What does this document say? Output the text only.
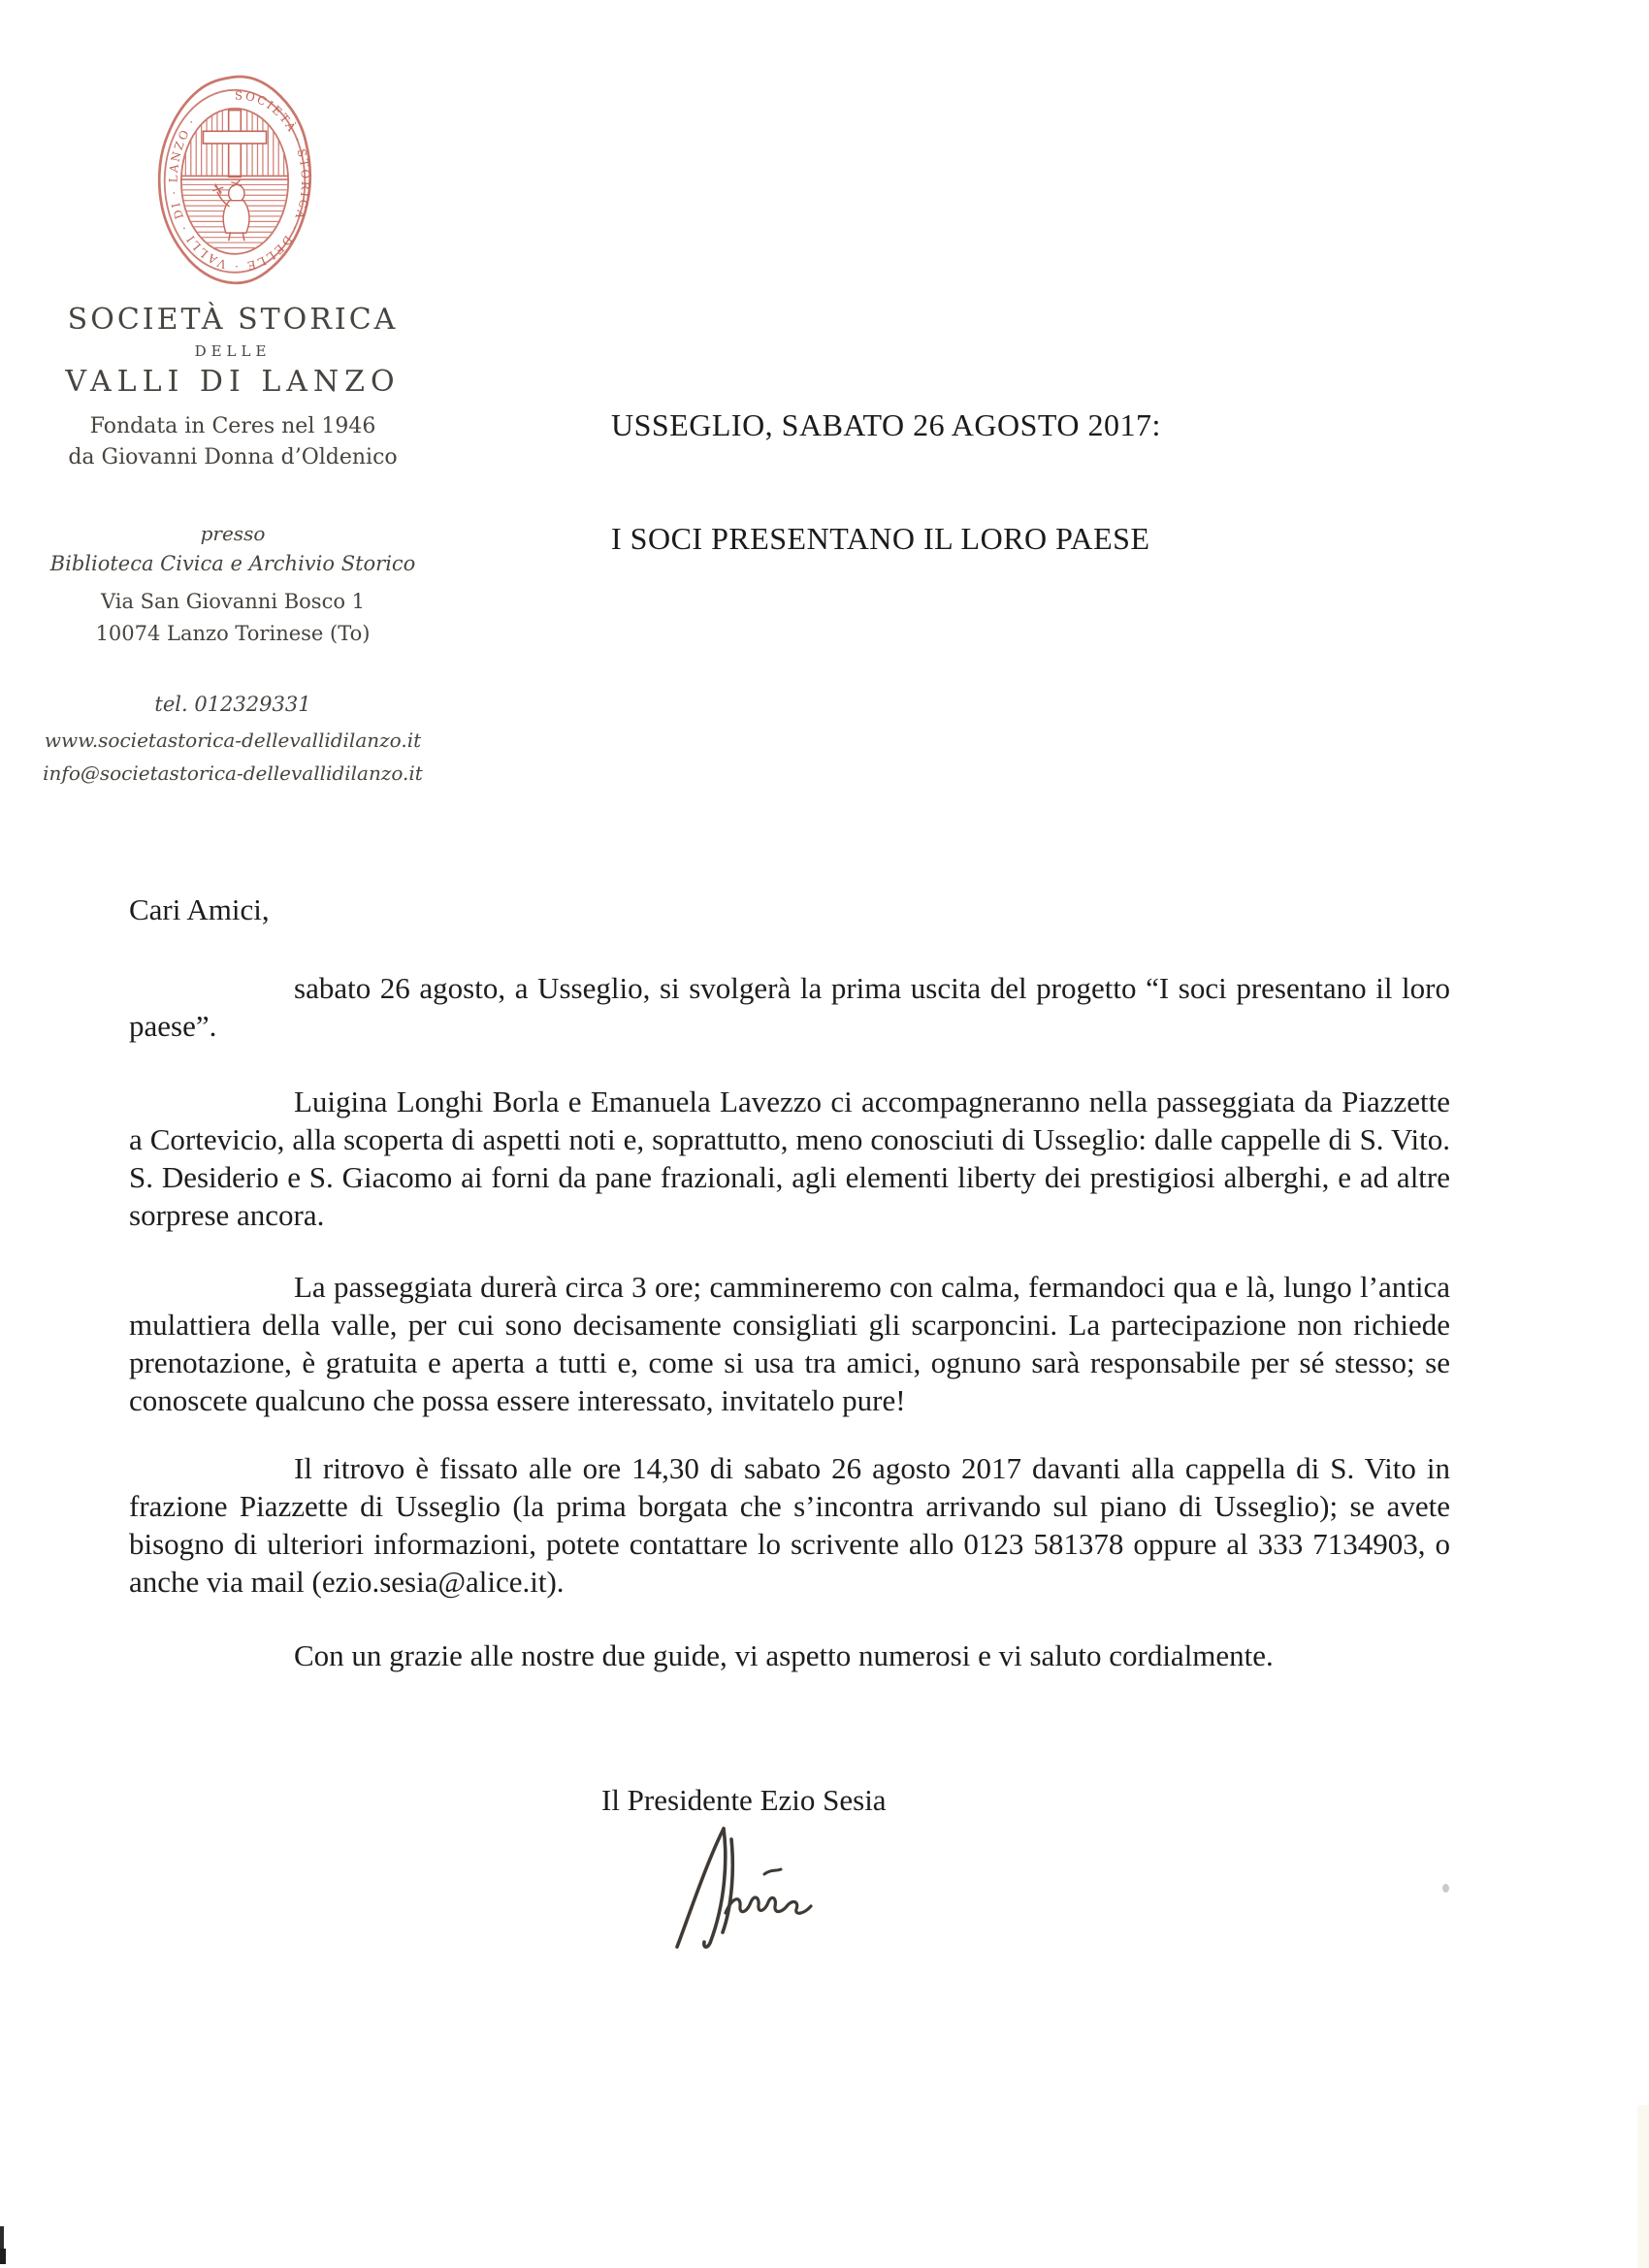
SOCIETÀ · STORICA · DELLE · VALLI · DI · LANZO ·
SOCIETÀ STORICA
DELLE
VALLI DI LANZO
Fondata in Ceres nel 1946
da Giovanni Donna d’Oldenico
presso
Biblioteca Civica e Archivio Storico
Via San Giovanni Bosco 1
10074 Lanzo Torinese (To)
tel. 012329331
www.societastorica-dellevallidilanzo.it
info@societastorica-dellevallidilanzo.it
USSEGLIO, SABATO 26 AGOSTO 2017:
I SOCI PRESENTANO IL LORO PAESE
Cari Amici,
sabato 26 agosto, a Usseglio, si svolgerà la prima uscita del progetto “I soci presentano il loro paese”.
Luigina Longhi Borla e Emanuela Lavezzo ci accompagneranno nella passeggiata da Piazzette a Cortevicio, alla scoperta di aspetti noti e, soprattutto, meno conosciuti di Usseglio: dalle cappelle di S. Vito. S. Desiderio e S. Giacomo ai forni da pane frazionali, agli elementi liberty dei prestigiosi alberghi, e ad altre sorprese ancora.
La passeggiata durerà circa 3 ore; cammineremo con calma, fermandoci qua e là, lungo l’antica mulattiera della valle, per cui sono decisamente consigliati gli scarponcini. La partecipazione non richiede prenotazione, è gratuita e aperta a tutti e, come si usa tra amici, ognuno sarà responsabile per sé stesso; se conoscete qualcuno che possa essere interessato, invitatelo pure!
Il ritrovo è fissato alle ore 14,30 di sabato 26 agosto 2017 davanti alla cappella di S. Vito in frazione Piazzette di Usseglio (la prima borgata che s’incontra arrivando sul piano di Usseglio); se avete bisogno di ulteriori informazioni, potete contattare lo scrivente allo 0123 581378 oppure al 333 7134903, o anche via mail (ezio.sesia@alice.it).
Con un grazie alle nostre due guide, vi aspetto numerosi e vi saluto cordialmente.
Il Presidente Ezio Sesia
